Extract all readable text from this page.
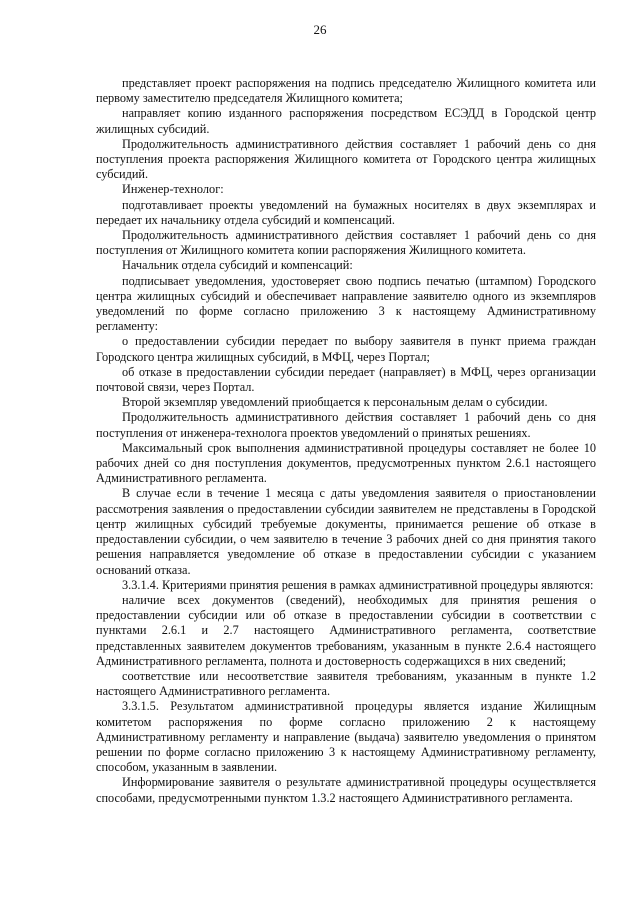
26

представляет проект распоряжения на подпись председателю Жилищного комитета или первому заместителю председателя Жилищного комитета;

направляет копию изданного распоряжения посредством ЕСЭДД в Городской центр жилищных субсидий.

Продолжительность административного действия составляет 1 рабочий день со дня поступления проекта распоряжения Жилищного комитета от Городского центра жилищных субсидий.

Инженер-технолог:

подготавливает проекты уведомлений на бумажных носителях в двух экземплярах и передает их начальнику отдела субсидий и компенсаций.

Продолжительность административного действия составляет 1 рабочий день со дня поступления от Жилищного комитета копии распоряжения Жилищного комитета.

Начальник отдела субсидий и компенсаций:

подписывает уведомления, удостоверяет свою подпись печатью (штампом) Городского центра жилищных субсидий и обеспечивает направление заявителю одного из экземпляров уведомлений по форме согласно приложению 3 к настоящему Административному регламенту:

о предоставлении субсидии передает по выбору заявителя в пункт приема граждан Городского центра жилищных субсидий, в МФЦ, через Портал;

об отказе в предоставлении субсидии передает (направляет) в МФЦ, через организации почтовой связи, через Портал.

Второй экземпляр уведомлений приобщается к персональным делам о субсидии.

Продолжительность административного действия составляет 1 рабочий день со дня поступления от инженера-технолога проектов уведомлений о принятых решениях.

Максимальный срок выполнения административной процедуры составляет не более 10 рабочих дней со дня поступления документов, предусмотренных пунктом 2.6.1 настоящего Административного регламента.

В случае если в течение 1 месяца с даты уведомления заявителя о приостановлении рассмотрения заявления о предоставлении субсидии заявителем не представлены в Городской центр жилищных субсидий требуемые документы, принимается решение об отказе в предоставлении субсидии, о чем заявителю в течение 3 рабочих дней со дня принятия такого решения направляется уведомление об отказе в предоставлении субсидии с указанием оснований отказа.

3.3.1.4. Критериями принятия решения в рамках административной процедуры являются:

наличие всех документов (сведений), необходимых для принятия решения о предоставлении субсидии или об отказе в предоставлении субсидии в соответствии с пунктами 2.6.1 и 2.7 настоящего Административного регламента, соответствие представленных заявителем документов требованиям, указанным в пункте 2.6.4 настоящего Административного регламента, полнота и достоверность содержащихся в них сведений;

соответствие или несоответствие заявителя требованиям, указанным в пункте 1.2 настоящего Административного регламента.

3.3.1.5. Результатом административной процедуры является издание Жилищным комитетом распоряжения по форме согласно приложению 2 к настоящему Административному регламенту и направление (выдача) заявителю уведомления о принятом решении по форме согласно приложению 3 к настоящему Административному регламенту, способом, указанным в заявлении.

Информирование заявителя о результате административной процедуры осуществляется способами, предусмотренными пунктом 1.3.2 настоящего Административного регламента.
